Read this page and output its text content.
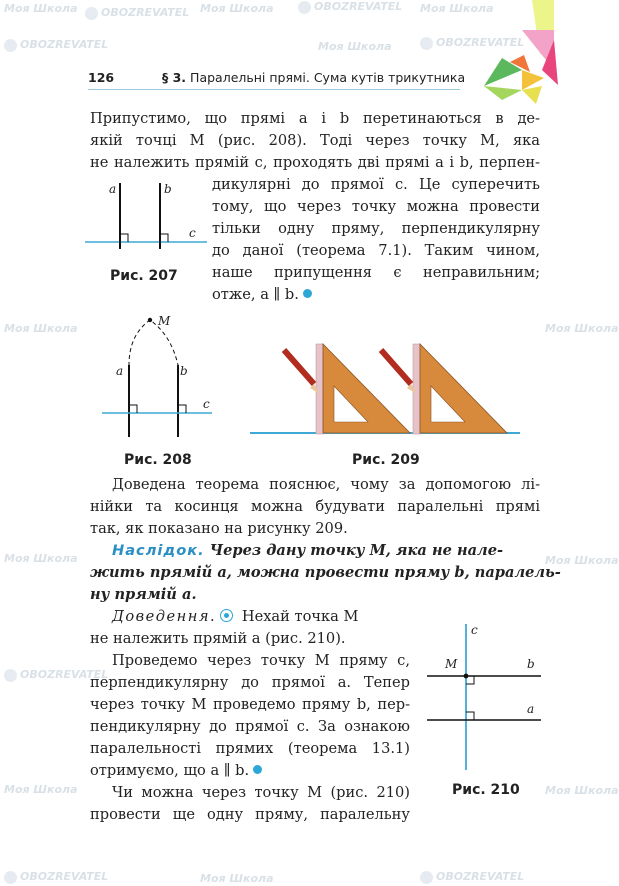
Моя Школа	OBOZREVATEL Моя Школа
OBOZREVATEL
Моя Школа
Моя Школа	OBOZREVATEL
OBOZREVATEL
Моя Школа
Моя Школа
Моя Школа
Моя Школа
Моя Школа
Моя Школа
OBOZREVATEL
OBOZREVATEL	Моя Школа	OBOZREVATEL
126	§ 3. Паралельні прямі. Сума кутів трикутника
Припустимо, що прямі a і b перетинаються в де-
якій точці M (рис. 208). Тоді через точку M, яка
не належить прямій c, проходять дві прямі a і b, перпен-
дикулярні до прямої c. Це суперечить
тому, що через точку можна провести
тільки одну пряму, перпендикулярну
до даної (теорема 7.1). Таким чином,
наше припущення є неправильним;
отже, a ∥ b.
a	b
c
Рис. 207
M
a	b
c
Рис. 208	Рис. 209
Доведена теорема пояснює, чому за допомогою лі-
нійки та косинця можна будувати паралельні прямі
так, як показано на рисунку 209.
Наслідок. Через дану точку M, яка не нале-
жить прямій a, можна провести пряму b, паралель-
ну прямій a.
Доведення. Нехай точка M
не належить прямій a (рис. 210).
Проведемо через точку M пряму c,
перпендикулярну до прямої a. Тепер
через точку M проведемо пряму b, пер-
пендикулярну до прямої c. За ознакою
паралельності прямих (теорема 13.1)
отримуємо, що a ∥ b.
Чи можна через точку M (рис. 210)
провести ще одну пряму, паралельну
c
M	b
a
Рис. 210
